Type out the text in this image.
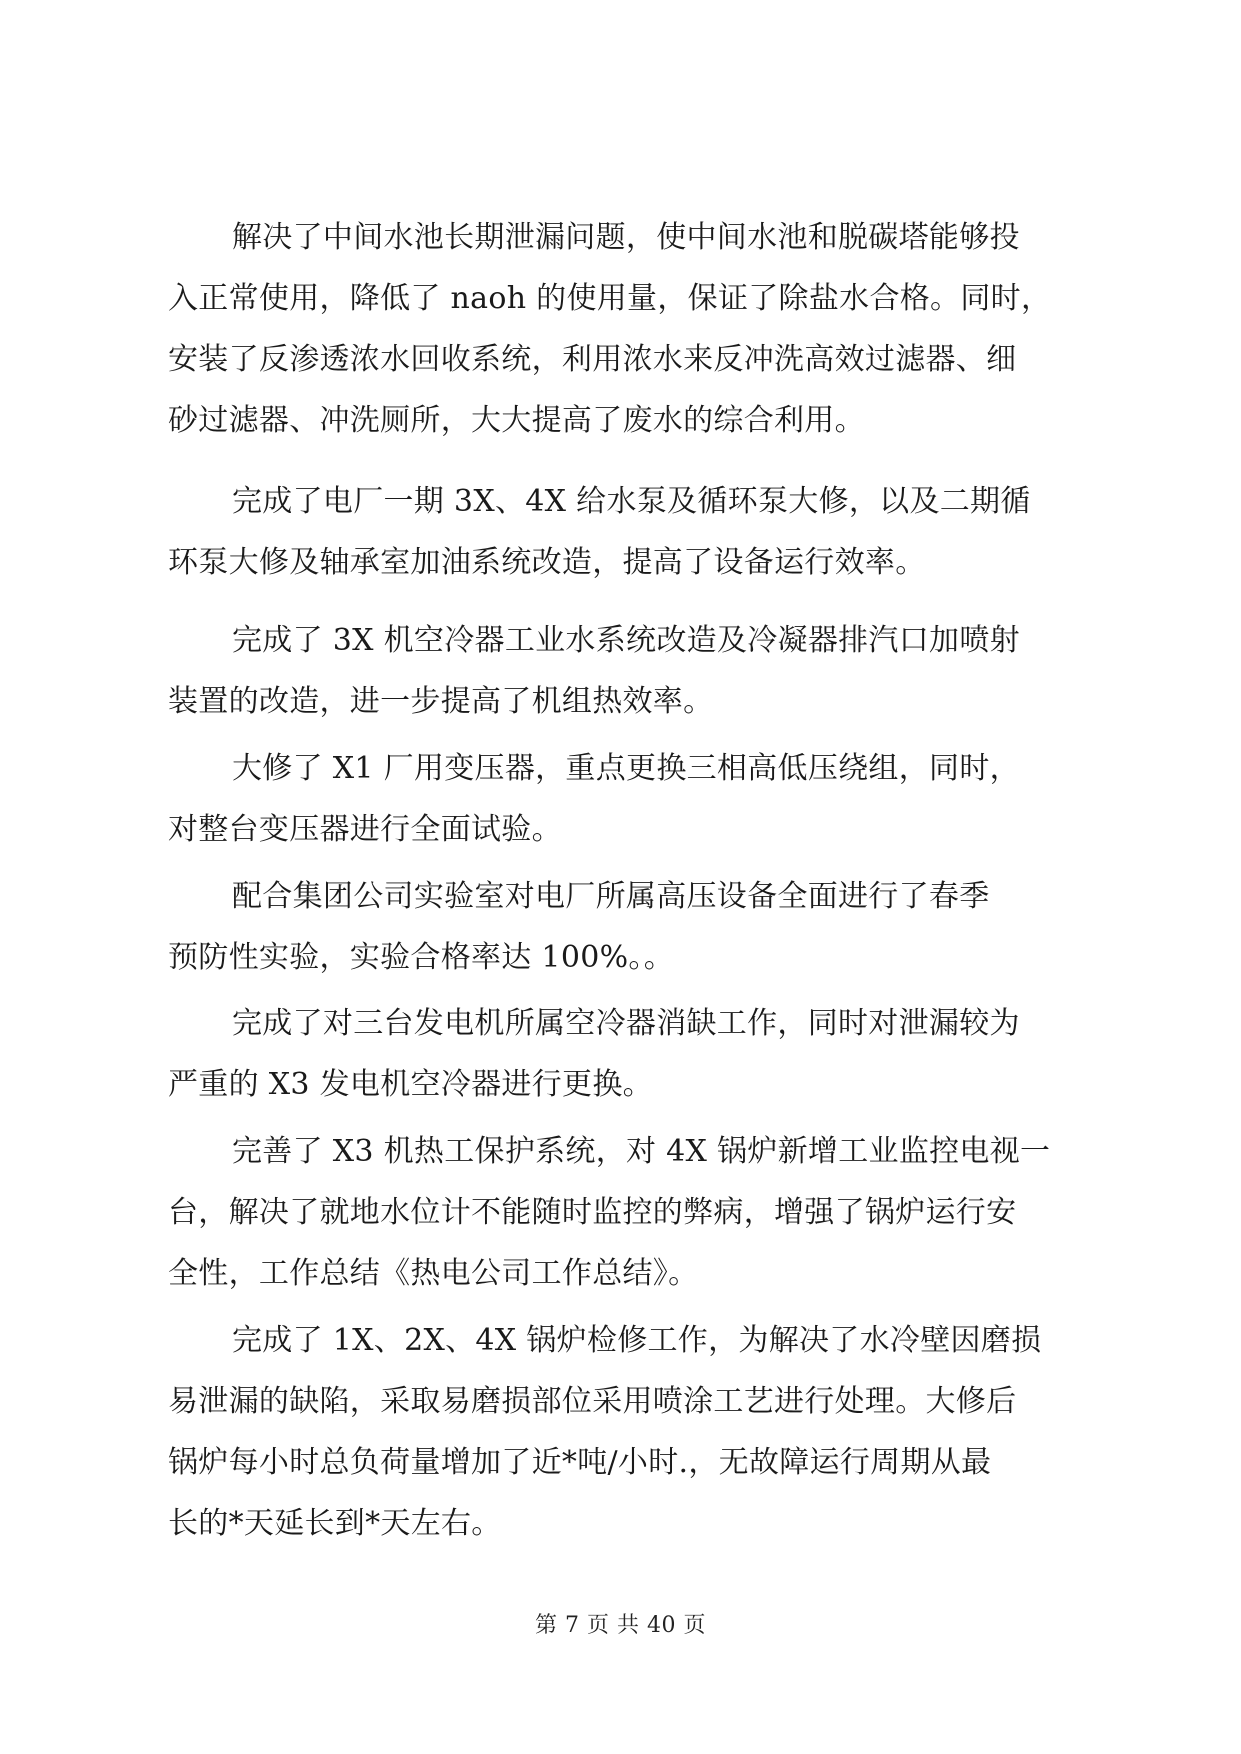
解决了中间水池长期泄漏问题，使中间水池和脱碳塔能够投
入正常使用，降低了 naoh 的使用量，保证了除盐水合格。同时，
安装了反渗透浓水回收系统，利用浓水来反冲洗高效过滤器、细
砂过滤器、冲洗厕所，大大提高了废水的综合利用。
完成了电厂一期 3X、4X 给水泵及循环泵大修，以及二期循
环泵大修及轴承室加油系统改造，提高了设备运行效率。
完成了 3X 机空冷器工业水系统改造及冷凝器排汽口加喷射
装置的改造，进一步提高了机组热效率。
大修了 X1 厂用变压器，重点更换三相高低压绕组，同时，
对整台变压器进行全面试验。
配合集团公司实验室对电厂所属高压设备全面进行了春季
预防性实验，实验合格率达 100%。。
完成了对三台发电机所属空冷器消缺工作，同时对泄漏较为
严重的 X3 发电机空冷器进行更换。
完善了 X3 机热工保护系统，对 4X 锅炉新增工业监控电视一
台，解决了就地水位计不能随时监控的弊病，增强了锅炉运行安
全性，工作总结《热电公司工作总结》。
完成了 1X、2X、4X 锅炉检修工作，为解决了水冷壁因磨损
易泄漏的缺陷，采取易磨损部位采用喷涂工艺进行处理。大修后
锅炉每小时总负荷量增加了近*吨/小时.，无故障运行周期从最
长的*天延长到*天左右。
第 7 页 共 40 页
